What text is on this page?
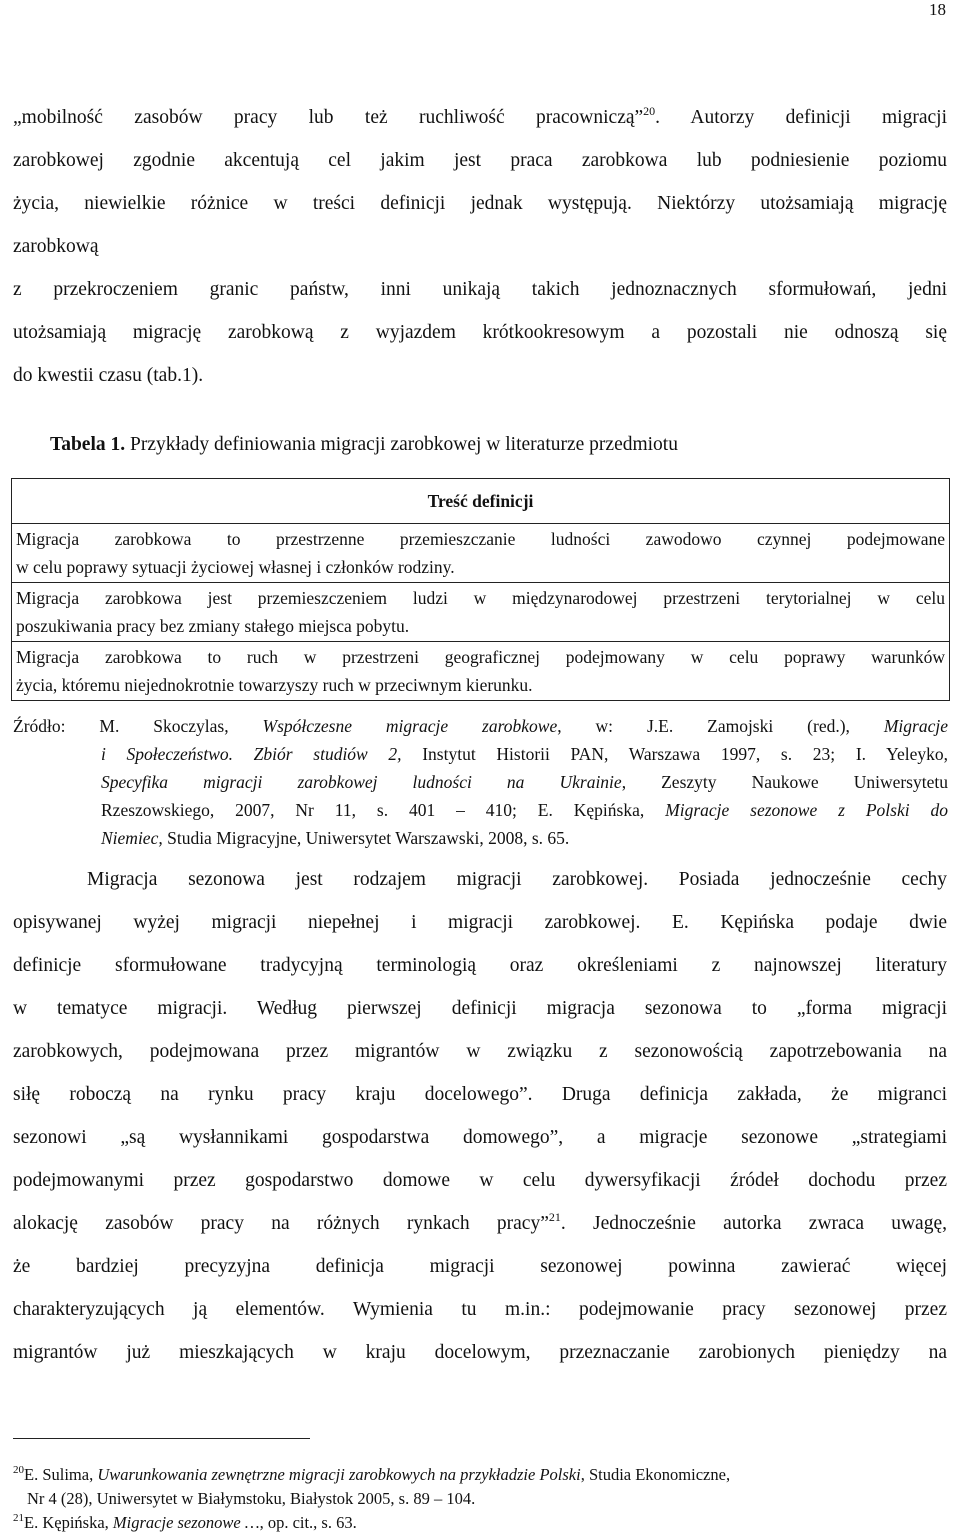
18
„mobilność zasobów pracy lub też ruchliwość pracowniczą”$^{20}$. Autorzy definicji migracji
zarobkowej zgodnie akcentują cel jakim jest praca zarobkowa lub podniesienie poziomu
życia, niewielkie różnice w treści definicji jednak występują. Niektórzy utożsamiają migrację
zarobkową
z przekroczeniem granic państw, inni unikają takich jednoznacznych sformułowań, jedni
utożsamiają migrację zarobkową z wyjazdem krótkookresowym a pozostali nie odnoszą się
do kwestii czasu (tab.1).
Tabela 1. Przykłady definiowania migracji zarobkowej w literaturze przedmiotu
Treść definicji

Migracja zarobkowa to przestrzenne przemieszczanie ludności zawodowo czynnej podejmowane
w celu poprawy sytuacji życiowej własnej i członków rodziny.

Migracja zarobkowa jest przemieszczeniem ludzi w międzynarodowej przestrzeni terytorialnej w celu
poszukiwania pracy bez zmiany stałego miejsca pobytu.

Migracja zarobkowa to ruch w przestrzeni geograficznej podejmowany w celu poprawy warunków
życia, któremu niejednokrotnie towarzyszy ruch w przeciwnym kierunku.
Źródło: M. Skoczylas, Współczesne migracje zarobkowe, w: J.E. Zamojski (red.), Migracje
i Społeczeństwo. Zbiór studiów 2, Instytut Historii PAN, Warszawa 1997, s. 23; I. Yeleyko,
Specyfika migracji zarobkowej ludności na Ukrainie, Zeszyty Naukowe Uniwersytetu
Rzeszowskiego, 2007, Nr 11, s. 401 – 410; E. Kępińska, Migracje sezonowe z Polski do
Niemiec, Studia Migracyjne, Uniwersytet Warszawski, 2008, s. 65.
Migracja sezonowa jest rodzajem migracji zarobkowej. Posiada jednocześnie cechy
opisywanej wyżej migracji niepełnej i migracji zarobkowej. E. Kępińska podaje dwie
definicje sformułowane tradycyjną terminologią oraz określeniami z najnowszej literatury
w tematyce migracji. Według pierwszej definicji migracja sezonowa to „forma migracji
zarobkowych, podejmowana przez migrantów w związku z sezonowością zapotrzebowania na
siłę roboczą na rynku pracy kraju docelowego”. Druga definicja zakłada, że migranci
sezonowi „są wysłannikami gospodarstwa domowego”, a migracje sezonowe „strategiami
podejmowanymi przez gospodarstwo domowe w celu dywersyfikacji źródeł dochodu przez
alokację zasobów pracy na różnych rynkach pracy”$^{21}$. Jednocześnie autorka zwraca uwagę,
że bardziej precyzyjna definicja migracji sezonowej powinna zawierać więcej
charakteryzujących ją elementów. Wymienia tu m.in.: podejmowanie pracy sezonowej przez
migrantów już mieszkających w kraju docelowym, przeznaczanie zarobionych pieniędzy na
$^{20}$E. Sulima, Uwarunkowania zewnętrzne migracji zarobkowych na przykładzie Polski, Studia Ekonomiczne,
Nr 4 (28), Uniwersytet w Białymstoku, Białystok 2005, s. 89 – 104.
$^{21}$E. Kępińska, Migracje sezonowe …, op. cit., s. 63.
